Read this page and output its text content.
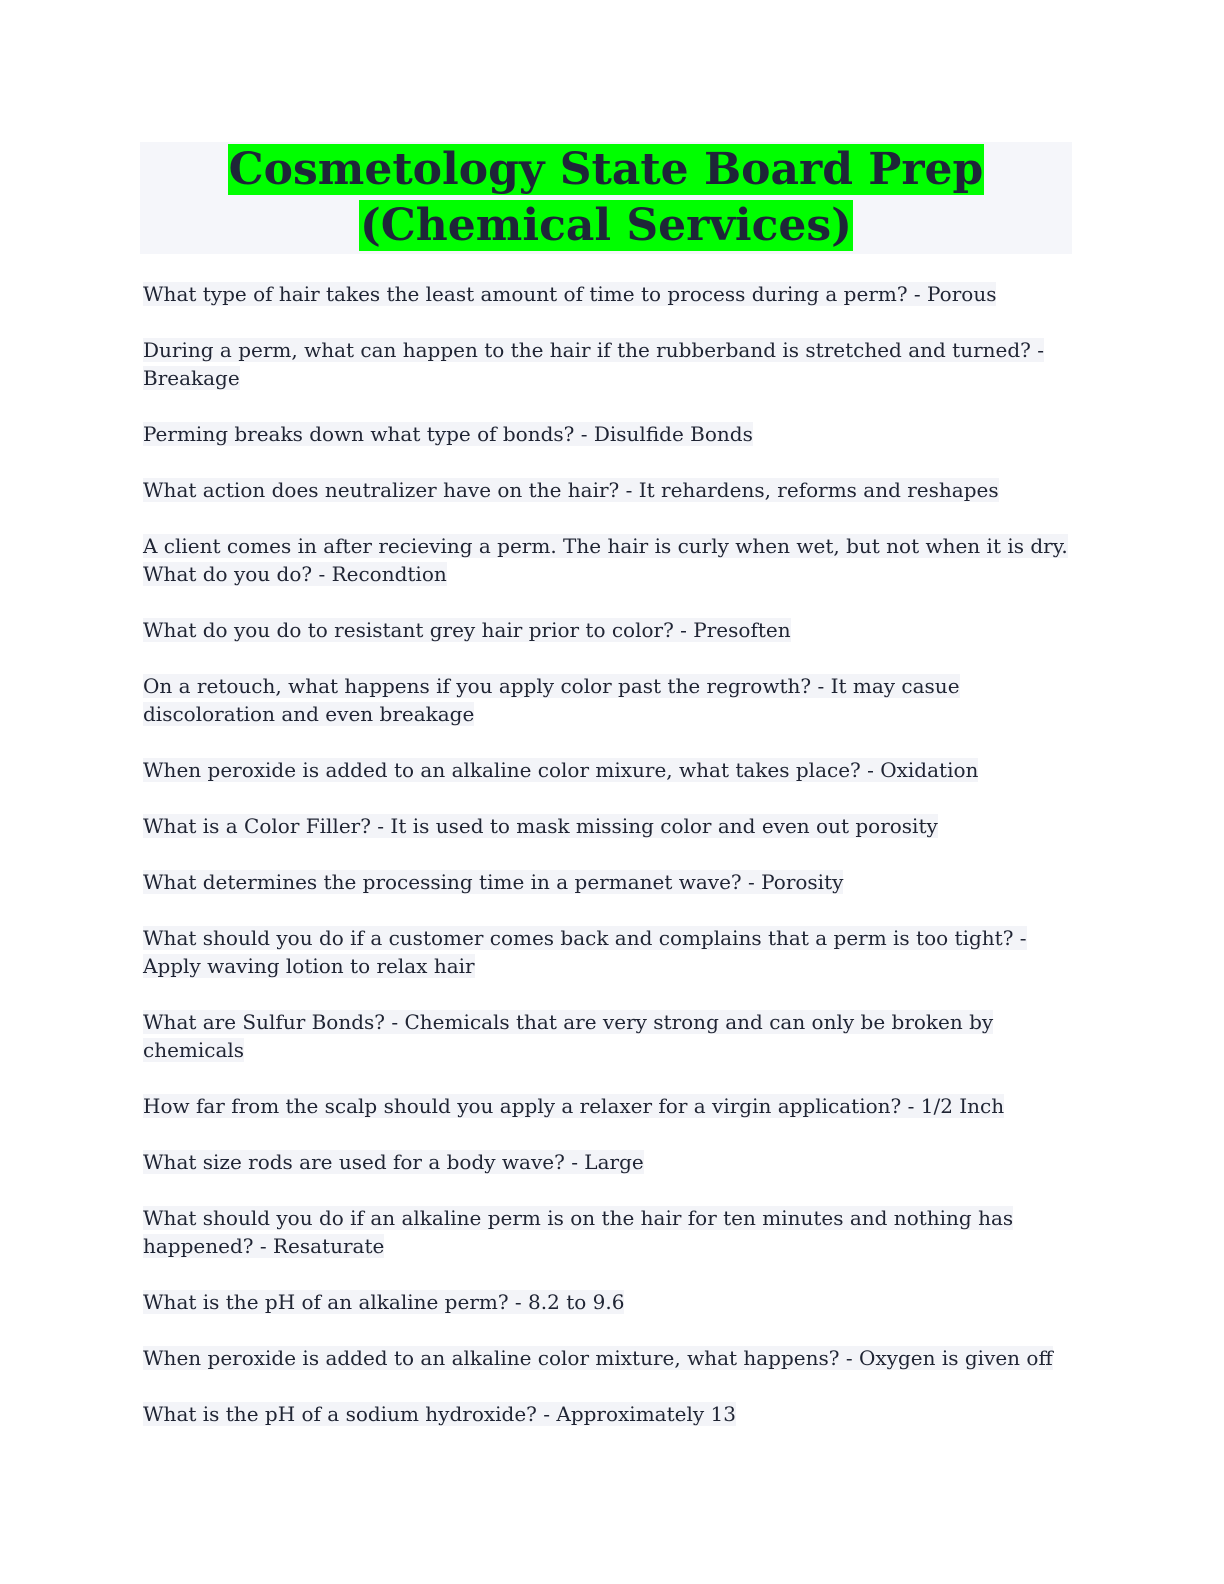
Cosmetology State Board Prep (Chemical Services)
What type of hair takes the least amount of time to process during a perm? - Porous
During a perm, what can happen to the hair if the rubberband is stretched and turned? - Breakage
Perming breaks down what type of bonds? - Disulfide Bonds
What action does neutralizer have on the hair? - It rehardens, reforms and reshapes
A client comes in after recieving a perm. The hair is curly when wet, but not when it is dry. What do you do? - Recondtion
What do you do to resistant grey hair prior to color? - Presoften
On a retouch, what happens if you apply color past the regrowth? - It may casue discoloration and even breakage
When peroxide is added to an alkaline color mixure, what takes place? - Oxidation
What is a Color Filler? - It is used to mask missing color and even out porosity
What determines the processing time in a permanet wave? - Porosity
What should you do if a customer comes back and complains that a perm is too tight? - Apply waving lotion to relax hair
What are Sulfur Bonds? - Chemicals that are very strong and can only be broken by chemicals
How far from the scalp should you apply a relaxer for a virgin application? - 1/2 Inch
What size rods are used for a body wave? - Large
What should you do if an alkaline perm is on the hair for ten minutes and nothing has happened? - Resaturate
What is the pH of an alkaline perm? - 8.2 to 9.6
When peroxide is added to an alkaline color mixture, what happens? - Oxygen is given off
What is the pH of a sodium hydroxide? - Approximately 13
